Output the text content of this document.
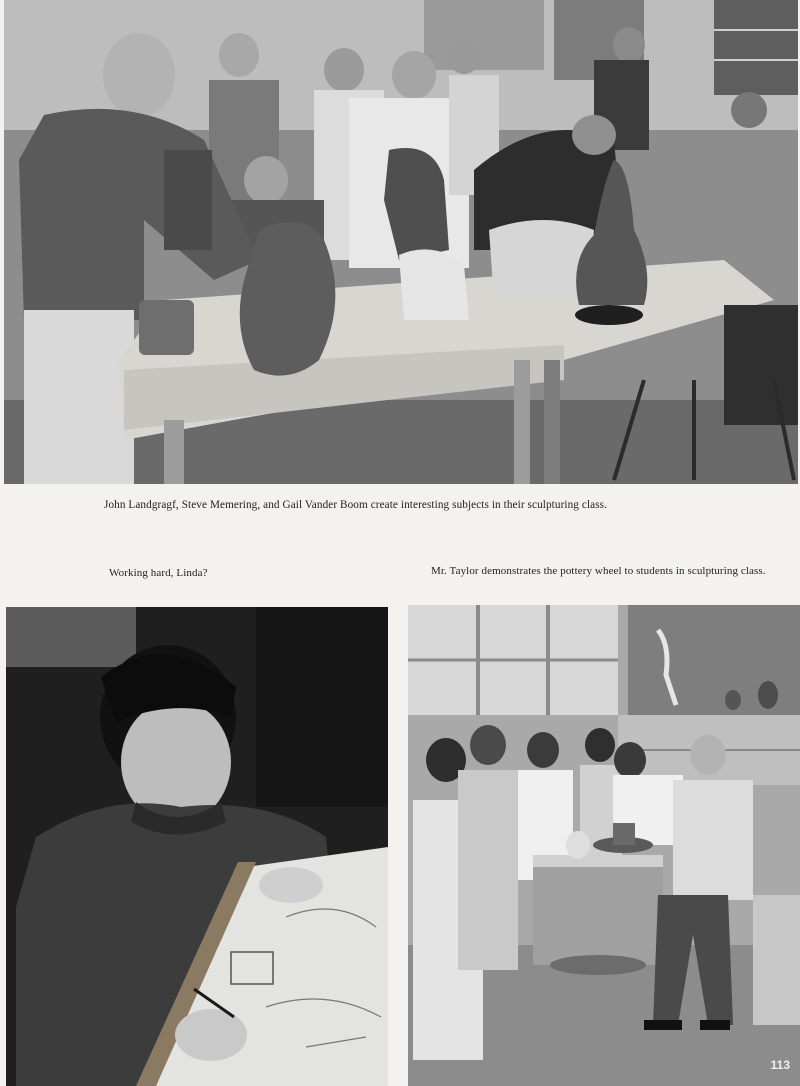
John Landgragf, Steve Memering, and Gail Vander Boom create interesting subjects in their sculpturing class.
Working hard, Linda?	Mr. Taylor demonstrates the pottery wheel to students in sculpturing class.
113
